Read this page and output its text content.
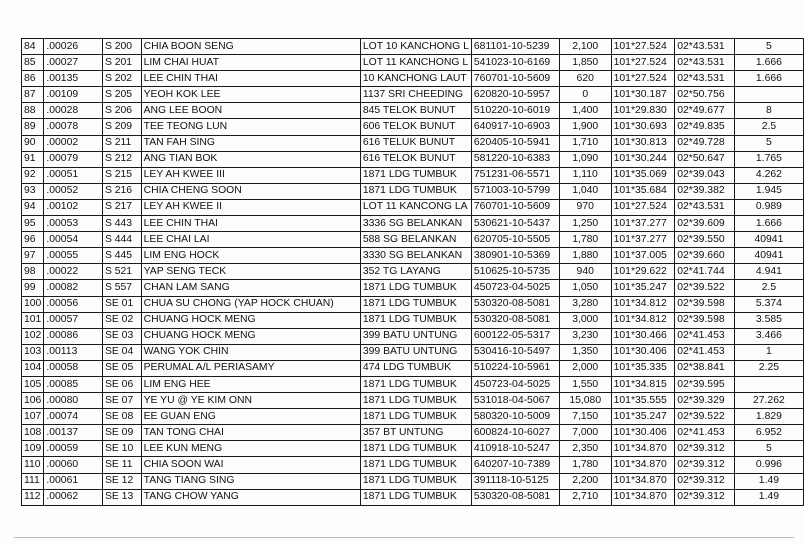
84	.00026	S 200	CHIA BOON SENG	LOT 10 KANCHONG L	681101-10-5239	2,100	101*27.524	02*43.531	5
85	.00027	S 201	LIM CHAI HUAT	LOT 11 KANCHONG L	541023-10-6169	1,850	101*27.524	02*43.531	1.666
86	.00135	S 202	LEE CHIN THAI	10 KANCHONG LAUT	760701-10-5609	620	101*27.524	02*43.531	1.666
87	.00109	S 205	YEOH KOK LEE	1137 SRI CHEEDING	620820-10-5957	0	101*30.187	02*50.756	
88	.00028	S 206	ANG LEE BOON	845 TELOK BUNUT	510220-10-6019	1,400	101*29.830	02*49.677	8
89	.00078	S 209	TEE TEONG LUN	606 TELOK BUNUT	640917-10-6903	1,900	101*30.693	02*49.835	2.5
90	.00002	S 211	TAN FAH SING	616 TELUK BUNUT	620405-10-5941	1,710	101*30.813	02*49.728	5
91	.00079	S 212	ANG TIAN BOK	616 TELOK BUNUT	581220-10-6383	1,090	101*30.244	02*50.647	1.765
92	.00051	S 215	LEY AH KWEE III	1871 LDG TUMBUK	751231-06-5571	1,110	101*35.069	02*39.043	4.262
93	.00052	S 216	CHIA CHENG SOON	1871 LDG TUMBUK	571003-10-5799	1,040	101*35.684	02*39.382	1.945
94	.00102	S 217	LEY AH KWEE II	LOT 11 KANCONG LA	760701-10-5609	970	101*27.524	02*43.531	0.989
95	.00053	S 443	LEE CHIN THAI	3336 SG BELANKAN	530621-10-5437	1,250	101*37.277	02*39.609	1.666
96	.00054	S 444	LEE CHAI LAI	588 SG BELANKAN	620705-10-5505	1,780	101*37.277	02*39.550	40941
97	.00055	S 445	LIM ENG HOCK	3330 SG BELANKAN	380901-10-5369	1,880	101*37.005	02*39.660	40941
98	.00022	S 521	YAP SENG TECK	352 TG LAYANG	510625-10-5735	940	101*29.622	02*41.744	4.941
99	.00082	S 557	CHAN LAM SANG	1871 LDG TUMBUK	450723-04-5025	1,050	101*35.247	02*39.522	2.5
100	.00056	SE 01	CHUA SU CHONG (YAP HOCK CHUAN)	1871 LDG TUMBUK	530320-08-5081	3,280	101*34.812	02*39.598	5.374
101	.00057	SE 02	CHUANG HOCK MENG	1871 LDG TUMBUK	530320-08-5081	3,000	101*34.812	02*39.598	3.585
102	.00086	SE 03	CHUANG HOCK MENG	399 BATU UNTUNG	600122-05-5317	3,230	101*30.466	02*41.453	3.466
103	.00113	SE 04	WANG YOK CHIN	399 BATU UNTUNG	530416-10-5497	1,350	101*30.406	02*41.453	1
104	.00058	SE 05	PERUMAL A/L PERIASAMY	474 LDG TUMBUK	510224-10-5961	2,000	101*35.335	02*38.841	2.25
105	.00085	SE 06	LIM ENG HEE	1871 LDG TUMBUK	450723-04-5025	1,550	101*34.815	02*39.595	
106	.00080	SE 07	YE YU @ YE KIM ONN	1871 LDG TUMBUK	531018-04-5067	15,080	101*35.555	02*39.329	27.262
107	.00074	SE 08	EE GUAN ENG	1871 LDG TUMBUK	580320-10-5009	7,150	101*35.247	02*39.522	1.829
108	.00137	SE 09	TAN TONG CHAI	357 BT UNTUNG	600824-10-6027	7,000	101*30.406	02*41.453	6.952
109	.00059	SE 10	LEE KUN MENG	1871 LDG TUMBUK	410918-10-5247	2,350	101*34.870	02*39.312	5
110	.00060	SE 11	CHIA SOON WAI	1871 LDG TUMBUK	640207-10-7389	1,780	101*34.870	02*39.312	0.996
111	.00061	SE 12	TANG TIANG SING	1871 LDG TUMBUK	391118-10-5125	2,200	101*34.870	02*39.312	1.49
112	.00062	SE 13	TANG CHOW YANG	1871 LDG TUMBUK	530320-08-5081	2,710	101*34.870	02*39.312	1.49
